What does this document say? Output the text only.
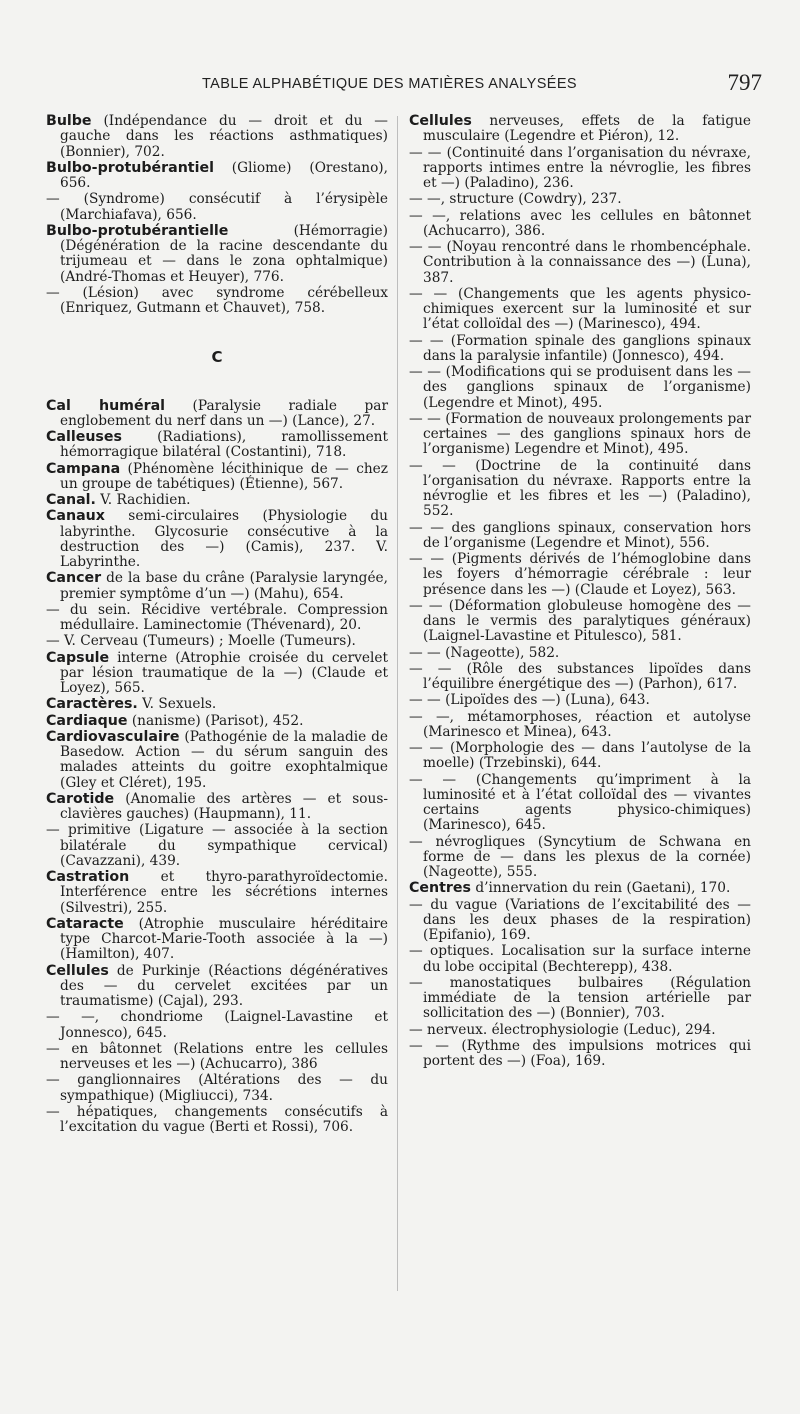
TABLE ALPHABÉTIQUE DES MATIÈRES ANALYSÉES	797

Bulbe (Indépendance du — droit et du — gauche dans les réactions asthmatiques) (Bonnier), 702.

Bulbo-protubérantiel (Gliome) (Orestano), 656.

— (Syndrome) consécutif à l’érysipèle (Marchiafava), 656.

Bulbo-protubérantielle (Hémorragie) (Dégénération de la racine descendante du trijumeau et — dans le zona ophtalmique) (André-Thomas et Heuyer), 776.

— (Lésion) avec syndrome cérébelleux (Enriquez, Gutmann et Chauvet), 758.

C

Cal huméral (Paralysie radiale par englobement du nerf dans un —) (Lance), 27.

Calleuses (Radiations), ramollissement hémorragique bilatéral (Costantini), 718.

Campana (Phénomène lécithinique de — chez un groupe de tabétiques) (Étienne), 567.

Canal. V. Rachidien.

Canaux semi-circulaires (Physiologie du labyrinthe. Glycosurie consécutive à la destruction des —) (Camis), 237. V. Labyrinthe.

Cancer de la base du crâne (Paralysie laryngée, premier symptôme d’un —) (Mahu), 654.

— du sein. Récidive vertébrale. Compression médullaire. Laminectomie (Thévenard), 20.

— V. Cerveau (Tumeurs) ; Moelle (Tumeurs).

Capsule interne (Atrophie croisée du cervelet par lésion traumatique de la —) (Claude et Loyez), 565.

Caractères. V. Sexuels.

Cardiaque (nanisme) (Parisot), 452.

Cardiovasculaire (Pathogénie de la maladie de Basedow. Action — du sérum sanguin des malades atteints du goitre exophtalmique (Gley et Cléret), 195.

Carotide (Anomalie des artères — et sous-clavières gauches) (Haupmann), 11.

— primitive (Ligature — associée à la section bilatérale du sympathique cervical) (Cavazzani), 439.

Castration et thyro-parathyroïdectomie. Interférence entre les sécrétions internes (Silvestri), 255.

Cataracte (Atrophie musculaire héréditaire type Charcot-Marie-Tooth associée à la —) (Hamilton), 407.

Cellules de Purkinje (Réactions dégénératives des — du cervelet excitées par un traumatisme) (Cajal), 293.

— —, chondriome (Laignel-Lavastine et Jonnesco), 645.

— en bâtonnet (Relations entre les cellules nerveuses et les —) (Achucarro), 386

— ganglionnaires (Altérations des — du sympathique) (Migliucci), 734.

— hépatiques, changements consécutifs à l’excitation du vague (Berti et Rossi), 706.

Cellules nerveuses, effets de la fatigue musculaire (Legendre et Piéron), 12.

— — (Continuité dans l’organisation du névraxe, rapports intimes entre la névroglie, les fibres et —) (Paladino), 236.

— —, structure (Cowdry), 237.

— —, relations avec les cellules en bâtonnet (Achucarro), 386.

— — (Noyau rencontré dans le rhombencéphale. Contribution à la connaissance des —) (Luna), 387.

— — (Changements que les agents physico-chimiques exercent sur la luminosité et sur l’état colloïdal des —) (Marinesco), 494.

— — (Formation spinale des ganglions spinaux dans la paralysie infantile) (Jonnesco), 494.

— — (Modifications qui se produisent dans les — des ganglions spinaux de l’organisme) (Legendre et Minot), 495.

— — (Formation de nouveaux prolongements par certaines — des ganglions spinaux hors de l’organisme) Legendre et Minot), 495.

— — (Doctrine de la continuité dans l’organisation du névraxe. Rapports entre la névroglie et les fibres et les —) (Paladino), 552.

— — des ganglions spinaux, conservation hors de l’organisme (Legendre et Minot), 556.

— — (Pigments dérivés de l’hémoglobine dans les foyers d’hémorragie cérébrale : leur présence dans les —) (Claude et Loyez), 563.

— — (Déformation globuleuse homogène des — dans le vermis des paralytiques généraux) (Laignel-Lavastine et Pitulesco), 581.

— — (Nageotte), 582.

— — (Rôle des substances lipoïdes dans l’équilibre énergétique des —) (Parhon), 617.

— — (Lipoïdes des —) (Luna), 643.

— —, métamorphoses, réaction et autolyse (Marinesco et Minea), 643.

— — (Morphologie des — dans l’autolyse de la moelle) (Trzebinski), 644.

— — (Changements qu’impriment à la luminosité et à l’état colloïdal des — vivantes certains agents physico-chimiques) (Marinesco), 645.

— névrogliques (Syncytium de Schwana en forme de — dans les plexus de la cornée) (Nageotte), 555.

Centres d’innervation du rein (Gaetani), 170.

— du vague (Variations de l’excitabilité des — dans les deux phases de la respiration) (Epifanio), 169.

— optiques. Localisation sur la surface interne du lobe occipital (Bechterepp), 438.

— manostatiques bulbaires (Régulation immédiate de la tension artérielle par sollicitation des —) (Bonnier), 703.

— nerveux. électrophysiologie (Leduc), 294.

— — (Rythme des impulsions motrices qui portent des —) (Foa), 169.
